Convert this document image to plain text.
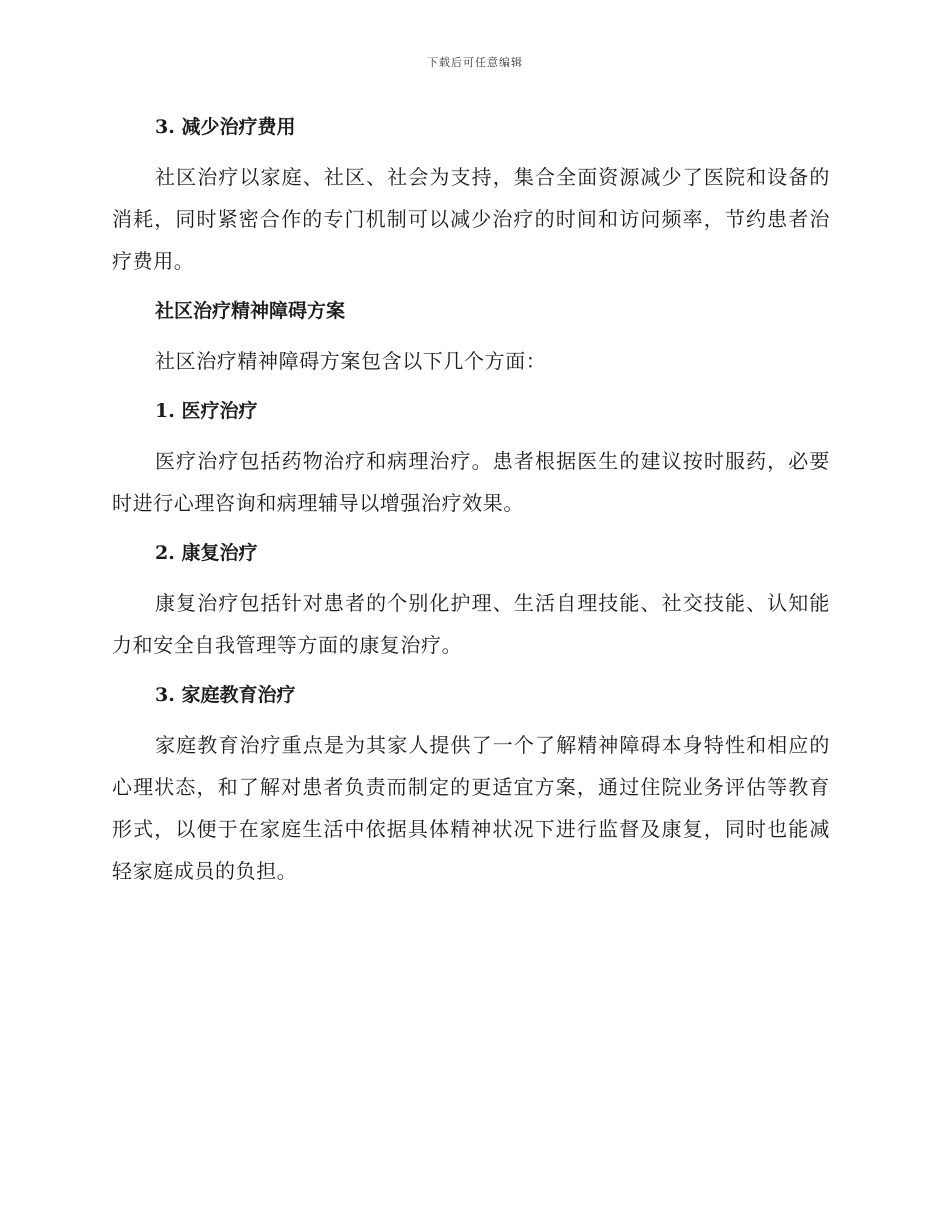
下载后可任意编辑
3. 减少治疗费用

社区治疗以家庭、社区、社会为支持，集合全面资源减少了医院和设备的消耗，同时紧密合作的专门机制可以减少治疗的时间和访问频率，节约患者治疗费用。

社区治疗精神障碍方案

社区治疗精神障碍方案包含以下几个方面：

1. 医疗治疗

医疗治疗包括药物治疗和病理治疗。患者根据医生的建议按时服药，必要时进行心理咨询和病理辅导以增强治疗效果。

2. 康复治疗

康复治疗包括针对患者的个别化护理、生活自理技能、社交技能、认知能力和安全自我管理等方面的康复治疗。

3. 家庭教育治疗

家庭教育治疗重点是为其家人提供了一个了解精神障碍本身特性和相应的心理状态，和了解对患者负责而制定的更适宜方案，通过住院业务评估等教育形式，以便于在家庭生活中依据具体精神状况下进行监督及康复，同时也能减轻家庭成员的负担。
